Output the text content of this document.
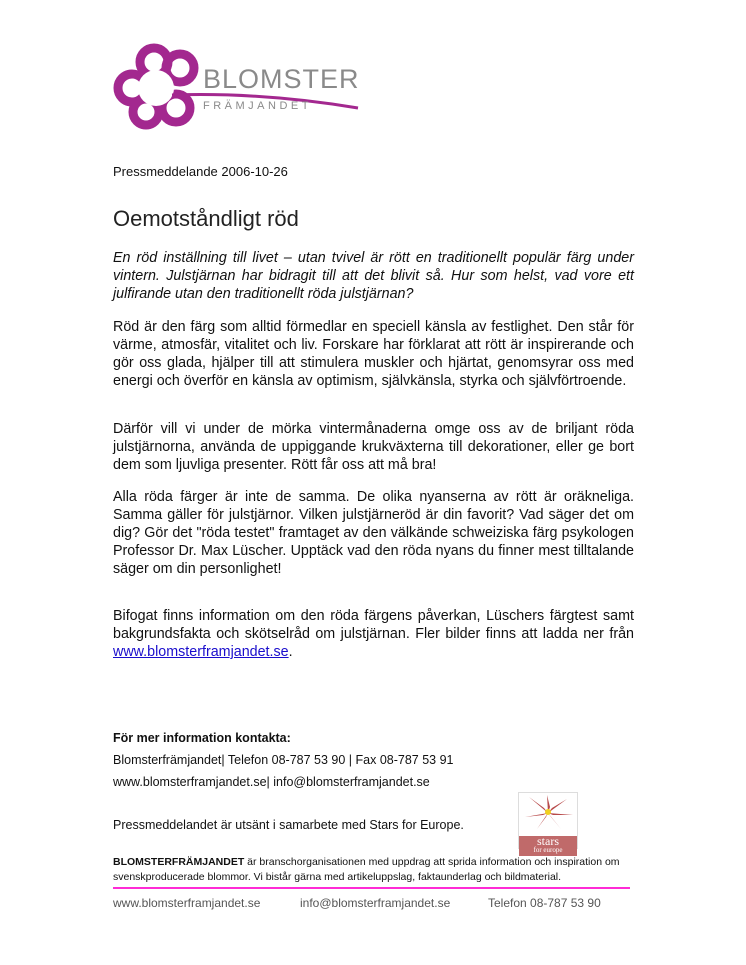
BLOMSTER
FRÄMJANDET
Pressmeddelande 2006-10-26
Oemotståndligt röd
En röd inställning till livet – utan tvivel är rött en traditionellt populär färg under vintern. Julstjärnan har bidragit till att det blivit så. Hur som helst, vad vore ett julfirande utan den traditionellt röda julstjärnan?
Röd är den färg som alltid förmedlar en speciell känsla av festlighet. Den står för värme, atmosfär, vitalitet och liv. Forskare har förklarat att rött är inspirerande och gör oss glada, hjälper till att stimulera muskler och hjärtat, genomsyrar oss med energi och överför en känsla av optimism, självkänsla, styrka och självförtroende.
Därför vill vi under de mörka vintermånaderna omge oss av de briljant röda julstjärnorna, använda de uppiggande krukväxterna till dekorationer, eller ge bort dem som ljuvliga presenter. Rött får oss att må bra!
Alla röda färger är inte de samma. De olika nyanserna av rött är oräkneliga. Samma gäller för julstjärnor. Vilken julstjärneröd är din favorit? Vad säger det om dig? Gör det "röda testet" framtaget av den välkände schweiziska färg psykologen Professor Dr. Max Lüscher. Upptäck vad den röda nyans du finner mest tilltalande säger om din personlighet!
Bifogat finns information om den röda färgens påverkan, Lüschers färgtest samt bakgrundsfakta och skötselråd om julstjärnan. Fler bilder finns att ladda ner från www.blomsterframjandet.se.
För mer information kontakta:
Blomsterfrämjandet| Telefon 08-787 53 90 | Fax 08-787 53 91
www.blomsterframjandet.se| info@blomsterframjandet.se
Pressmeddelandet är utsänt i samarbete med Stars for Europe.
stars
for europe
BLOMSTERFRÄMJANDET är branschorganisationen med uppdrag att sprida information och inspiration om svenskproducerade blommor. Vi bistår gärna med artikeluppslag, faktaunderlag och bildmaterial.
www.blomsterframjandet.se	info@blomsterframjandet.se	Telefon 08-787 53 90
